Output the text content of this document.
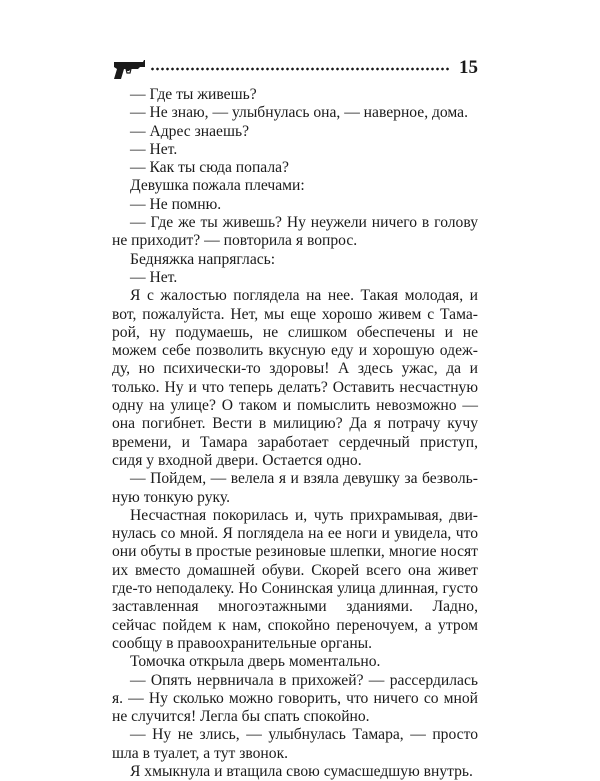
15

— Где ты живешь?

— Не знаю, — улыбнулась она, — наверное, дома.

— Адрес знаешь?

— Нет.

— Как ты сюда попала?

Девушка пожала плечами:

— Не помню.

— Где же ты живешь? Ну неужели ничего в голову не приходит? — повторила я вопрос.

Бедняжка напряглась:

— Нет.

Я с жалостью поглядела на нее. Такая молодая, и вот, пожалуйста. Нет, мы еще хорошо живем с Тамарой, ну подумаешь, не слишком обеспечены и не можем себе позволить вкусную еду и хорошую одежду, но психически-то здоровы! А здесь ужас, да и только. Ну и что теперь делать? Оставить несчастную одну на улице? О таком и помыслить невозможно — она погибнет. Вести в милицию? Да я потрачу кучу времени, и Тамара заработает сердечный приступ, сидя у входной двери. Остается одно.

— Пойдем, — велела я и взяла девушку за безвольную тонкую руку.

Несчастная покорилась и, чуть прихрамывая, двинулась со мной. Я поглядела на ее ноги и увидела, что они обуты в простые резиновые шлепки, многие носят их вместо домашней обуви. Скорей всего она живет где-то неподалеку. Но Сонинская улица длинная, густо заставленная многоэтажными зданиями. Ладно, сейчас пойдем к нам, спокойно переночуем, а утром сообщу в правоохранительные органы.

Томочка открыла дверь моментально.

— Опять нервничала в прихожей? — рассердилась я. — Ну сколько можно говорить, что ничего со мной не случится! Легла бы спать спокойно.

— Ну не злись, — улыбнулась Тамара, — просто шла в туалет, а тут звонок.

Я хмыкнула и втащила свою сумасшедшую внутрь.
